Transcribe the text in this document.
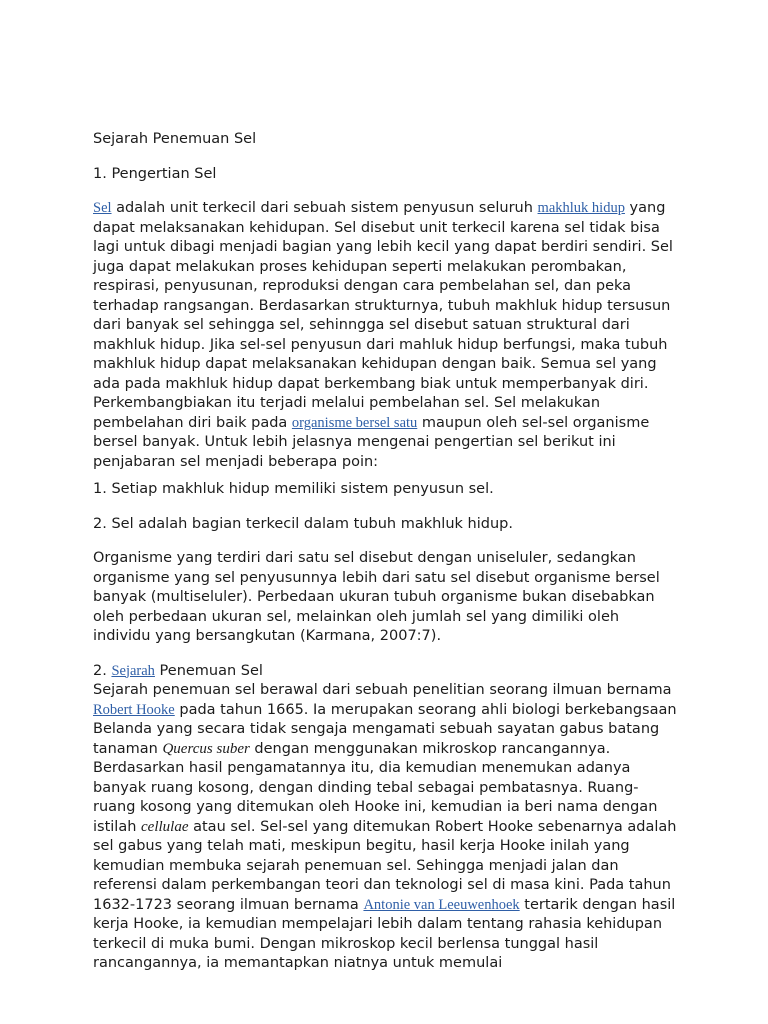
Sejarah Penemuan Sel

1. Pengertian Sel

Sel adalah unit terkecil dari sebuah sistem penyusun seluruh makhluk hidup yang dapat melaksanakan kehidupan. Sel disebut unit terkecil karena sel tidak bisa lagi untuk dibagi menjadi bagian yang lebih kecil yang dapat berdiri sendiri. Sel juga dapat melakukan proses kehidupan seperti melakukan perombakan, respirasi, penyusunan, reproduksi dengan cara pembelahan sel, dan peka terhadap rangsangan. Berdasarkan strukturnya, tubuh makhluk hidup tersusun dari banyak sel sehingga sel, sehinngga sel disebut satuan struktural dari makhluk hidup. Jika sel-sel penyusun dari mahluk hidup berfungsi, maka tubuh makhluk hidup dapat melaksanakan kehidupan dengan baik. Semua sel yang ada pada makhluk hidup dapat berkembang biak untuk memperbanyak diri. Perkembangbiakan itu terjadi melalui pembelahan sel. Sel melakukan pembelahan diri baik pada organisme bersel satu maupun oleh sel-sel organisme bersel banyak. Untuk lebih jelasnya mengenai pengertian sel berikut ini penjabaran sel menjadi beberapa poin:

1. Setiap makhluk hidup memiliki sistem penyusun sel.

2. Sel adalah bagian terkecil dalam tubuh makhluk hidup.

Organisme yang terdiri dari satu sel disebut dengan uniseluler, sedangkan organisme yang sel penyusunnya lebih dari satu sel disebut organisme bersel banyak (multiseluler). Perbedaan ukuran tubuh organisme bukan disebabkan oleh perbedaan ukuran sel, melainkan oleh jumlah sel yang dimiliki oleh individu yang bersangkutan (Karmana, 2007:7).

2. Sejarah Penemuan Sel

Sejarah penemuan sel berawal dari sebuah penelitian seorang ilmuan bernama Robert Hooke pada tahun 1665. Ia merupakan seorang ahli biologi berkebangsaan Belanda yang secara tidak sengaja mengamati sebuah sayatan gabus batang tanaman Quercus suber dengan menggunakan mikroskop rancangannya. Berdasarkan hasil pengamatannya itu, dia kemudian menemukan adanya banyak ruang kosong, dengan dinding tebal sebagai pembatasnya. Ruang-ruang kosong yang ditemukan oleh Hooke ini, kemudian ia beri nama dengan istilah cellulae atau sel. Sel-sel yang ditemukan Robert Hooke sebenarnya adalah sel gabus yang telah mati, meskipun begitu, hasil kerja Hooke inilah yang kemudian membuka sejarah penemuan sel. Sehingga menjadi jalan dan referensi dalam perkembangan teori dan teknologi sel di masa kini. Pada tahun 1632-1723 seorang ilmuan bernama Antonie van Leeuwenhoek tertarik dengan hasil kerja Hooke, ia kemudian mempelajari lebih dalam tentang rahasia kehidupan terkecil di muka bumi. Dengan mikroskop kecil berlensa tunggal hasil rancangannya, ia memantapkan niatnya untuk memulai
